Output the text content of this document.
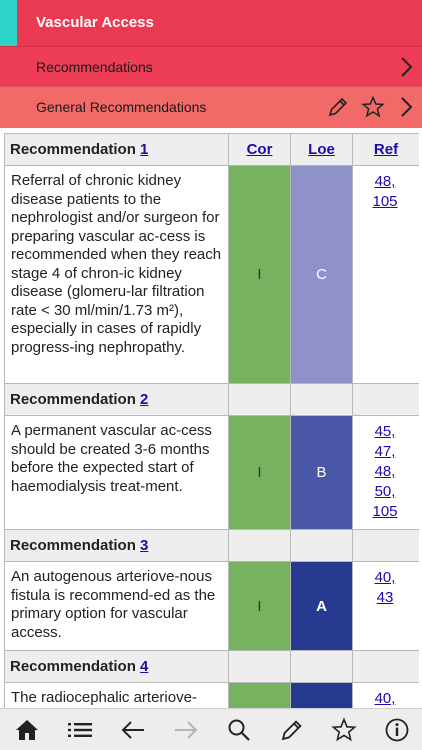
Vascular Access
Recommendations
General Recommendations
Recommendation 1	Cor	Loe	Ref
Referral of chronic kidney disease patients to the nephrologist and/or surgeon for preparing vascular ac-cess is recommended when they reach stage 4 of chron-ic kidney disease (glomeru-lar filtration rate < 30 ml/min/1.73 m²), especially in cases of rapidly progress-ing nephropathy.	I	C	48,
105
Recommendation 2			
A permanent vascular ac-cess should be created 3-6 months before the expected start of haemodialysis treat-ment.	I	B	45,
47,
48,
50,
105
Recommendation 3			
An autogenous arteriove-nous fistula is recommend-ed as the primary option for vascular access.	I	A	40,
43
Recommendation 4			
The radiocephalic arteriove-			40,
